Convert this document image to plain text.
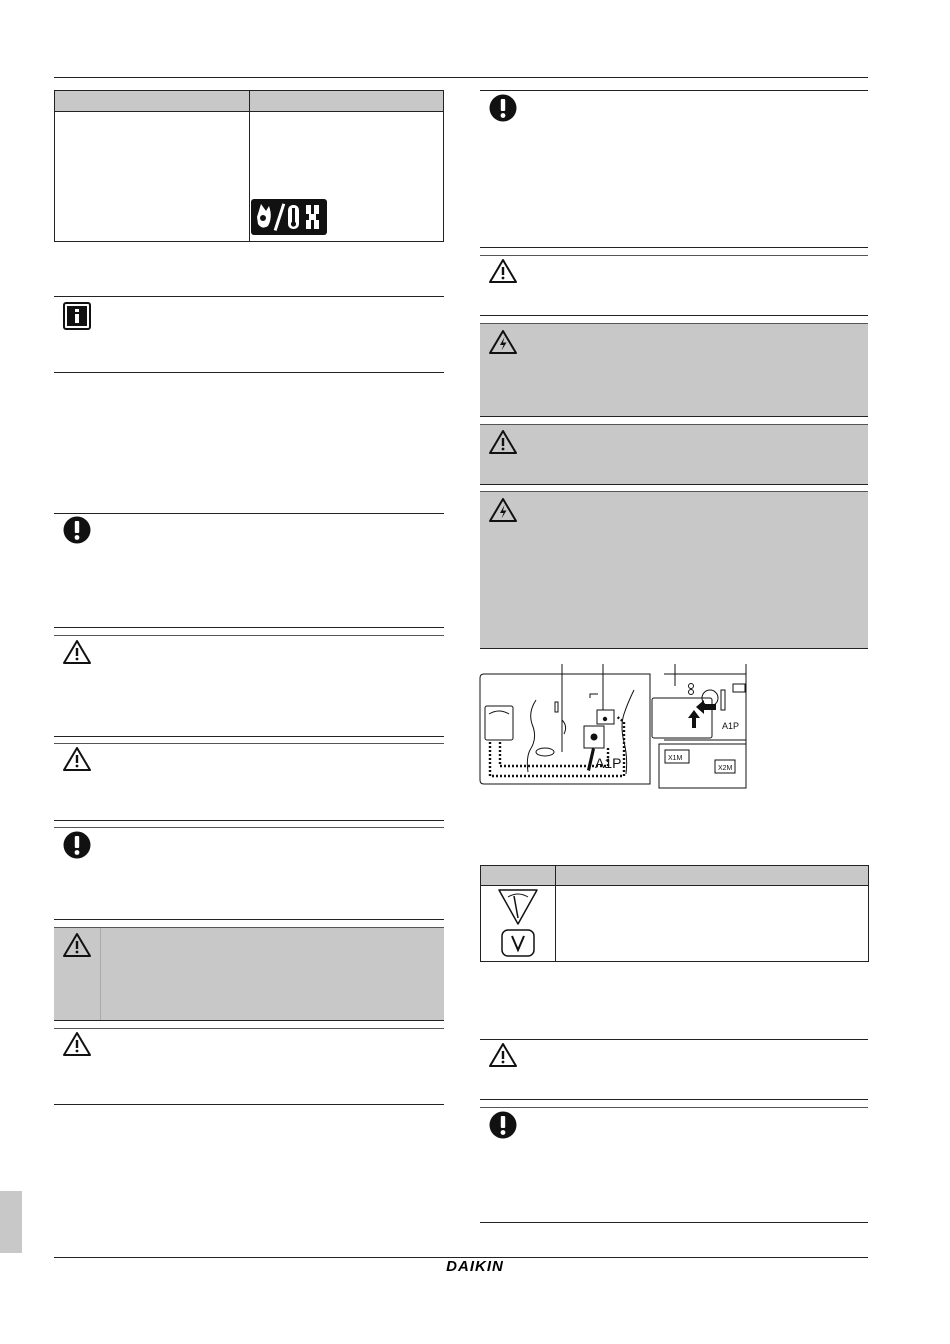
A1P
A1P
X1M
X2M
DAIKIN
